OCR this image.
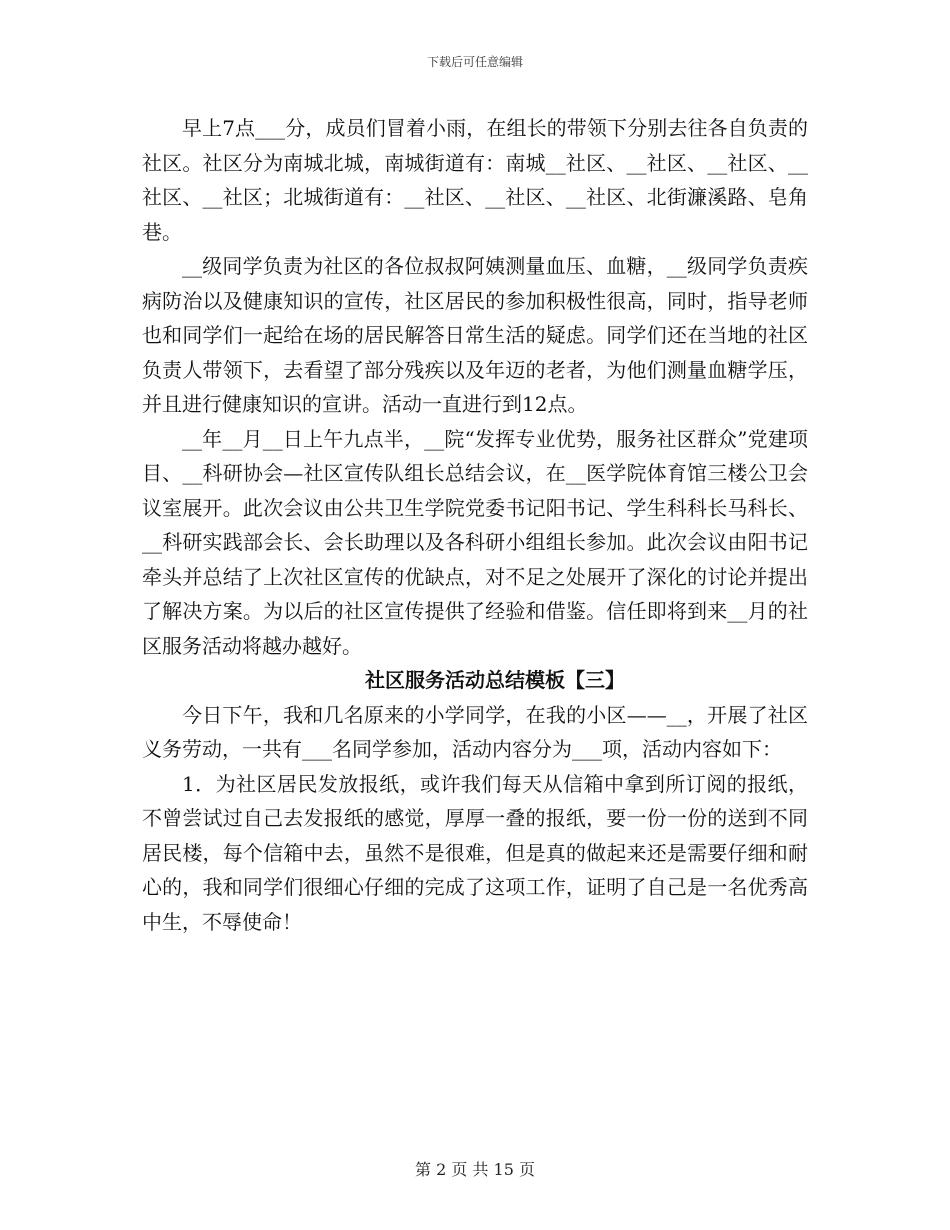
下载后可任意编辑

早上7点___分，成员们冒着小雨，在组长的带领下分别去往各自负责的社区。社区分为南城北城，南城街道有：南城__社区、__社区、__社区、__社区、__社区；北城街道有：__社区、__社区、__社区、北街濂溪路、皂角巷。

__级同学负责为社区的各位叔叔阿姨测量血压、血糖，__级同学负责疾病防治以及健康知识的宣传，社区居民的参加积极性很高，同时，指导老师也和同学们一起给在场的居民解答日常生活的疑虑。同学们还在当地的社区负责人带领下，去看望了部分残疾以及年迈的老者，为他们测量血糖学压，并且进行健康知识的宣讲。活动一直进行到12点。

__年__月__日上午九点半，__院“发挥专业优势，服务社区群众”党建项目、__科研协会—社区宣传队组长总结会议，在__医学院体育馆三楼公卫会议室展开。此次会议由公共卫生学院党委书记阳书记、学生科科长马科长、__科研实践部会长、会长助理以及各科研小组组长参加。此次会议由阳书记牵头并总结了上次社区宣传的优缺点，对不足之处展开了深化的讨论并提出了解决方案。为以后的社区宣传提供了经验和借鉴。信任即将到来__月的社区服务活动将越办越好。

社区服务活动总结模板【三】

今日下午，我和几名原来的小学同学，在我的小区——__，开展了社区义务劳动，一共有___名同学参加，活动内容分为___项，活动内容如下：

1．为社区居民发放报纸，或许我们每天从信箱中拿到所订阅的报纸，不曾尝试过自己去发报纸的感觉，厚厚一叠的报纸，要一份一份的送到不同居民楼，每个信箱中去，虽然不是很难，但是真的做起来还是需要仔细和耐心的，我和同学们很细心仔细的完成了这项工作，证明了自己是一名优秀高中生，不辱使命！

第 2 页 共 15 页
